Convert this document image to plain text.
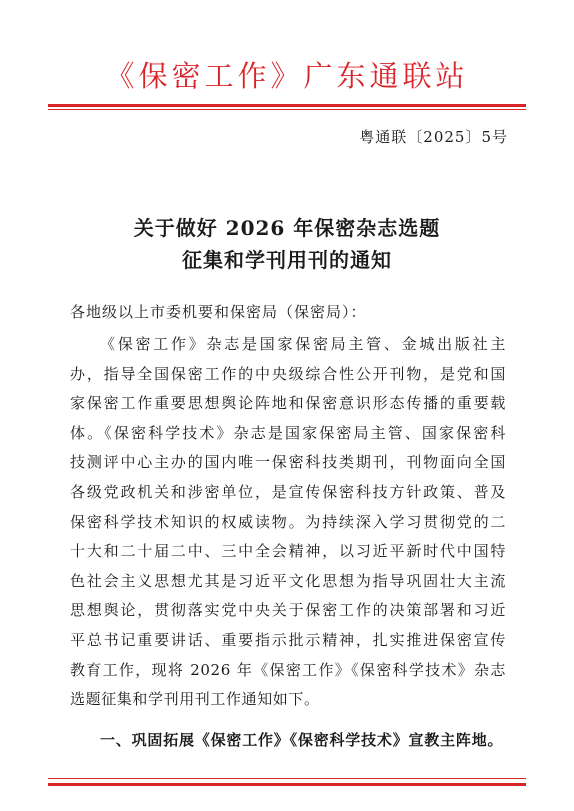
《保密工作》广东通联站
粤通联〔2025〕5号
关于做好 2026 年保密杂志选题
征集和学刊用刊的通知
各地级以上市委机要和保密局（保密局）：
《保密工作》杂志是国家保密局主管、金城出版社主
办，指导全国保密工作的中央级综合性公开刊物，是党和国
家保密工作重要思想舆论阵地和保密意识形态传播的重要载
体。《保密科学技术》杂志是国家保密局主管、国家保密科
技测评中心主办的国内唯一保密科技类期刊，刊物面向全国
各级党政机关和涉密单位，是宣传保密科技方针政策、普及
保密科学技术知识的权威读物。为持续深入学习贯彻党的二
十大和二十届二中、三中全会精神，以习近平新时代中国特
色社会主义思想尤其是习近平文化思想为指导巩固壮大主流
思想舆论，贯彻落实党中央关于保密工作的决策部署和习近
平总书记重要讲话、重要指示批示精神，扎实推进保密宣传
教育工作，现将 2026 年《保密工作》《保密科学技术》杂志
选题征集和学刊用刊工作通知如下。
一、巩固拓展《保密工作》《保密科学技术》宣教主阵地。
